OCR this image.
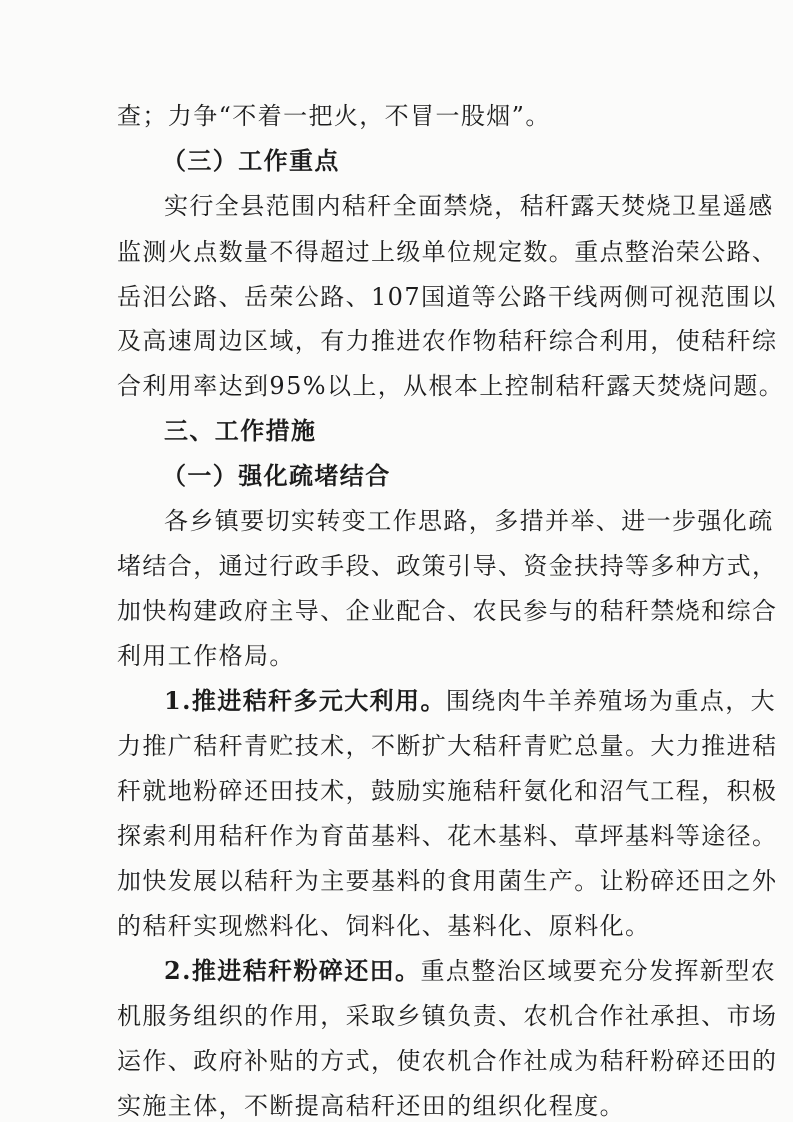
查；力争“不着一把火，不冒一股烟”。
（三）工作重点
实行全县范围内秸秆全面禁烧，秸秆露天焚烧卫星遥感
监测火点数量不得超过上级单位规定数。重点整治荣公路、
岳汨公路、岳荣公路、107国道等公路干线两侧可视范围以
及高速周边区域，有力推进农作物秸秆综合利用，使秸秆综
合利用率达到95%以上，从根本上控制秸秆露天焚烧问题。
三、工作措施
（一）强化疏堵结合
各乡镇要切实转变工作思路，多措并举、进一步强化疏
堵结合，通过行政手段、政策引导、资金扶持等多种方式，
加快构建政府主导、企业配合、农民参与的秸秆禁烧和综合
利用工作格局。
1.推进秸秆多元大利用。围绕肉牛羊养殖场为重点，大
力推广秸秆青贮技术，不断扩大秸秆青贮总量。大力推进秸
秆就地粉碎还田技术，鼓励实施秸秆氨化和沼气工程，积极
探索利用秸秆作为育苗基料、花木基料、草坪基料等途径。
加快发展以秸秆为主要基料的食用菌生产。让粉碎还田之外
的秸秆实现燃料化、饲料化、基料化、原料化。
2.推进秸秆粉碎还田。重点整治区域要充分发挥新型农
机服务组织的作用，采取乡镇负责、农机合作社承担、市场
运作、政府补贴的方式，使农机合作社成为秸秆粉碎还田的
实施主体，不断提高秸秆还田的组织化程度。
